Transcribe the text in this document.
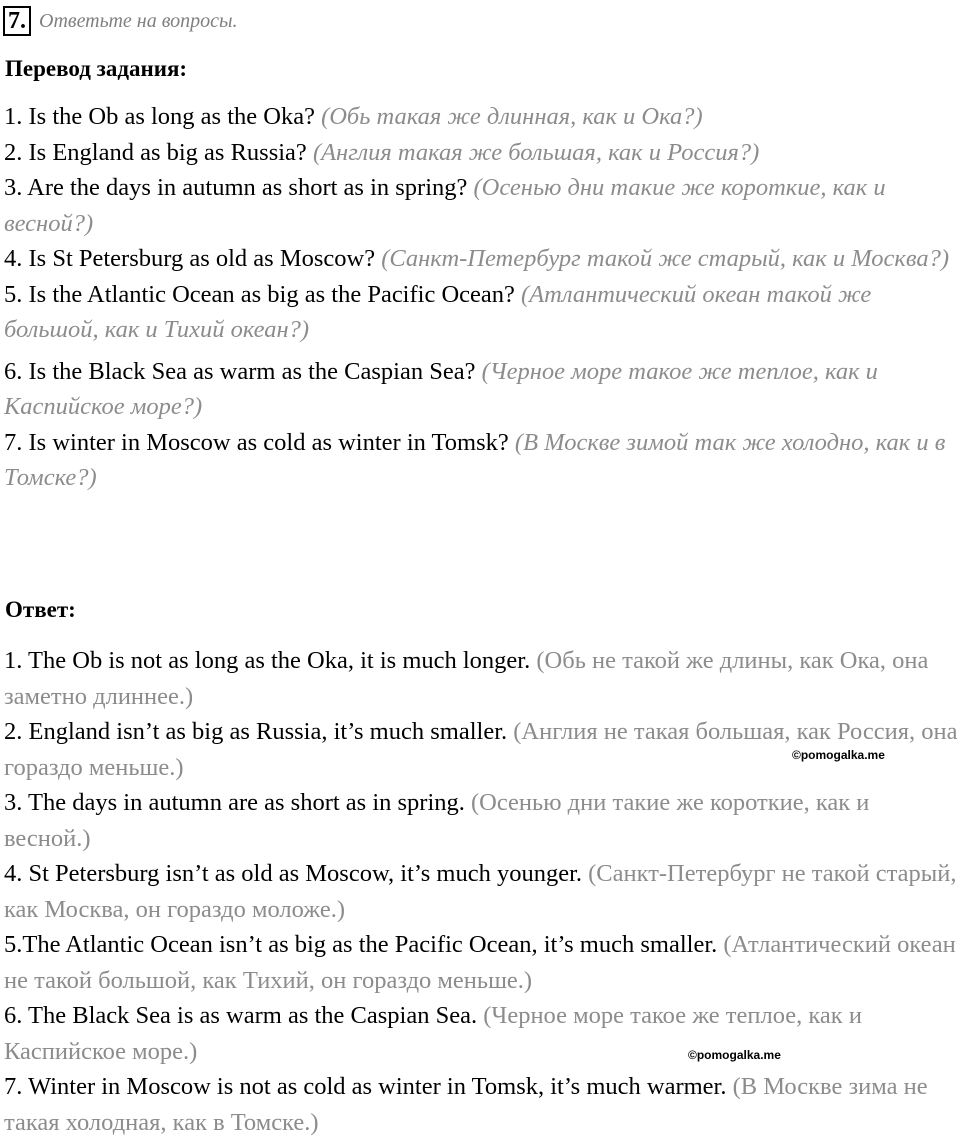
7. Ответьте на вопросы.
Перевод задания:

1. Is the Ob as long as the Oka? (Обь такая же длинная, как и Ока?)

2. Is England as big as Russia? (Англия такая же большая, как и Россия?)

3. Are the days in autumn as short as in spring? (Осенью дни такие же короткие, как и весной?)

4. Is St Petersburg as old as Moscow? (Санкт-Петербург такой же старый, как и Москва?)

5. Is the Atlantic Ocean as big as the Pacific Ocean? (Атлантический океан такой же большой, как и Тихий океан?)

6. Is the Black Sea as warm as the Caspian Sea? (Черное море такое же теплое, как и Каспийское море?)

7. Is winter in Moscow as cold as winter in Tomsk? (В Москве зимой так же холодно, как и в Томске?)

Ответ:

1. The Ob is not as long as the Oka, it is much longer. (Обь не такой же длины, как Ока, она заметно длиннее.)

2. England isn’t as big as Russia, it’s much smaller. (Англия не такая большая, как Россия, она гораздо меньше.)

3. The days in autumn are as short as in spring. (Осенью дни такие же короткие, как и весной.)

4. St Petersburg isn’t as old as Moscow, it’s much younger. (Санкт-Петербург не такой старый, как Москва, он гораздо моложе.)

5.The Atlantic Ocean isn’t as big as the Pacific Ocean, it’s much smaller. (Атлантический океан не такой большой, как Тихий, он гораздо меньше.)

6. The Black Sea is as warm as the Caspian Sea. (Черное море такое же теплое, как и Каспийское море.)

7. Winter in Moscow is not as cold as winter in Tomsk, it’s much warmer. (В Москве зима не такая холодная, как в Томске.)

©pomogalka.me
©pomogalka.me
